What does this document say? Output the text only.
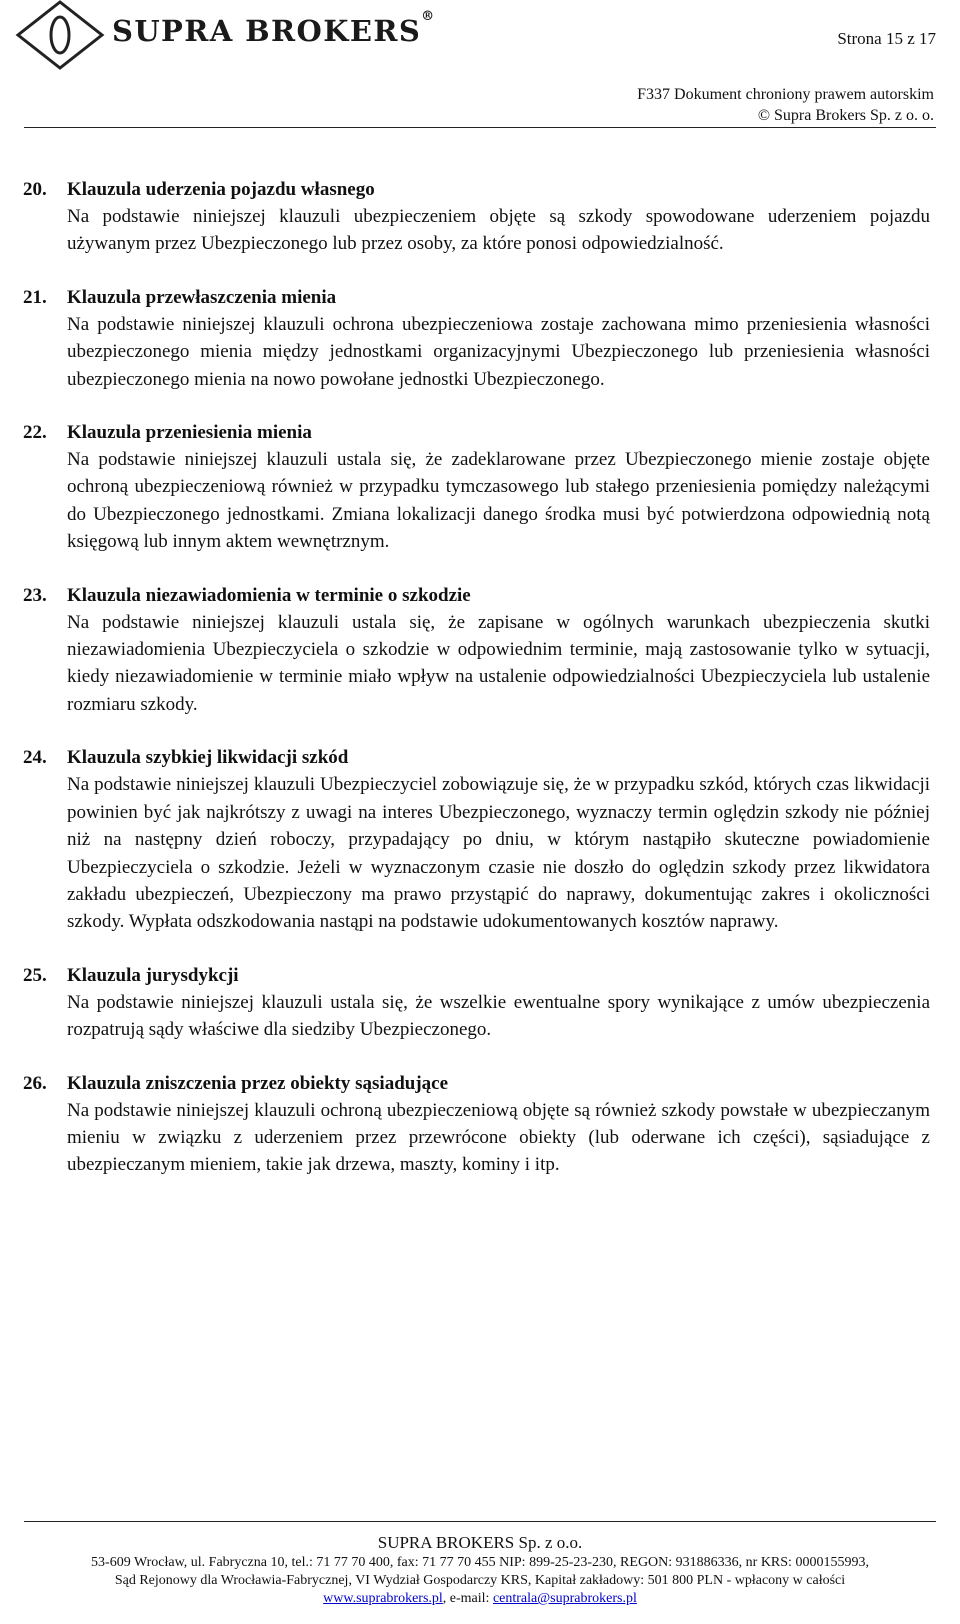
SUPRA BROKERS®
Strona 15 z 17
F337 Dokument chroniony prawem autorskim
© Supra Brokers Sp. z o. o.
20.	Klauzula uderzenia pojazdu własnego
Na podstawie niniejszej klauzuli ubezpieczeniem objęte są szkody spowodowane uderzeniem pojazdu używanym przez Ubezpieczonego lub przez osoby, za które ponosi odpowiedzialność.
21.	Klauzula przewłaszczenia mienia
Na podstawie niniejszej klauzuli ochrona ubezpieczeniowa zostaje zachowana mimo przeniesienia własności ubezpieczonego mienia między jednostkami organizacyjnymi Ubezpieczonego lub przeniesienia własności ubezpieczonego mienia na nowo powołane jednostki Ubezpieczonego.
22.	Klauzula przeniesienia mienia
Na podstawie niniejszej klauzuli ustala się, że zadeklarowane przez Ubezpieczonego mienie zostaje objęte ochroną ubezpieczeniową również w przypadku tymczasowego lub stałego przeniesienia pomiędzy należącymi do Ubezpieczonego jednostkami. Zmiana lokalizacji danego środka musi być potwierdzona odpowiednią notą księgową lub innym aktem wewnętrznym.
23.	Klauzula niezawiadomienia w terminie o szkodzie
Na podstawie niniejszej klauzuli ustala się, że zapisane w ogólnych warunkach ubezpieczenia skutki niezawiadomienia Ubezpieczyciela o szkodzie w odpowiednim terminie, mają zastosowanie tylko w sytuacji, kiedy niezawiadomienie w terminie miało wpływ na ustalenie odpowiedzialności Ubezpieczyciela lub ustalenie rozmiaru szkody.
24.	Klauzula szybkiej likwidacji szkód
Na podstawie niniejszej klauzuli Ubezpieczyciel zobowiązuje się, że w przypadku szkód, których czas likwidacji powinien być jak najkrótszy z uwagi na interes Ubezpieczonego, wyznaczy termin oględzin szkody nie później niż na następny dzień roboczy, przypadający po dniu, w którym nastąpiło skuteczne powiadomienie Ubezpieczyciela o szkodzie. Jeżeli w wyznaczonym czasie nie doszło do oględzin szkody przez likwidatora zakładu ubezpieczeń, Ubezpieczony ma prawo przystąpić do naprawy, dokumentując zakres i okoliczności szkody. Wypłata odszkodowania nastąpi na podstawie udokumentowanych kosztów naprawy.
25.	Klauzula jurysdykcji
Na podstawie niniejszej klauzuli ustala się, że wszelkie ewentualne spory wynikające z umów ubezpieczenia rozpatrują sądy właściwe dla siedziby Ubezpieczonego.
26.	Klauzula zniszczenia przez obiekty sąsiadujące
Na podstawie niniejszej klauzuli ochroną ubezpieczeniową objęte są również szkody powstałe w ubezpieczanym mieniu w związku z uderzeniem przez przewrócone obiekty (lub oderwane ich części), sąsiadujące z ubezpieczanym mieniem, takie jak drzewa, maszty, kominy i itp.
SUPRA BROKERS Sp. z o.o.
53-609 Wrocław, ul. Fabryczna 10, tel.: 71 77 70 400, fax: 71 77 70 455 NIP: 899-25-23-230, REGON: 931886336, nr KRS: 0000155993,
Sąd Rejonowy dla Wrocławia-Fabrycznej, VI Wydział Gospodarczy KRS, Kapitał zakładowy: 501 800 PLN - wpłacony w całości
www.suprabrokers.pl, e-mail: centrala@suprabrokers.pl
